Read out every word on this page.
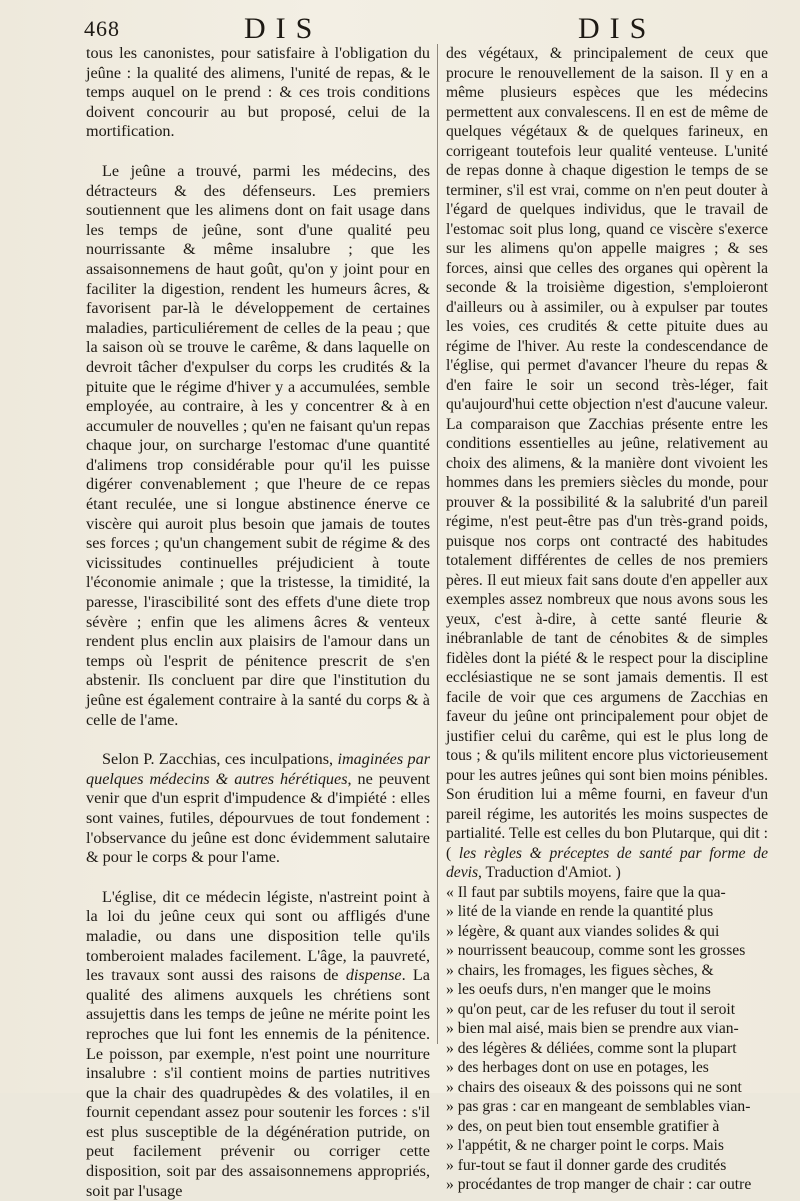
468	DIS	DIS

tous les canonistes, pour satisfaire à l'obligation du jeûne : la qualité des alimens, l'unité de repas, & le temps auquel on le prend : & ces trois conditions doivent concourir au but proposé, celui de la mortification.

Le jeûne a trouvé, parmi les médecins, des détracteurs & des défenseurs. Les premiers soutiennent que les alimens dont on fait usage dans les temps de jeûne, sont d'une qualité peu nourrissante & même insalubre ; que les assaisonnemens de haut goût, qu'on y joint pour en faciliter la digestion, rendent les humeurs âcres, & favorisent par-là le développement de certaines maladies, particuliérement de celles de la peau ; que la saison où se trouve le carême, & dans laquelle on devroit tâcher d'expulser du corps les crudités & la pituite que le régime d'hiver y a accumulées, semble employée, au contraire, à les y concentrer & à en accumuler de nouvelles ; qu'en ne faisant qu'un repas chaque jour, on surcharge l'estomac d'une quantité d'alimens trop considérable pour qu'il les puisse digérer convenablement ; que l'heure de ce repas étant reculée, une si longue abstinence énerve ce viscère qui auroit plus besoin que jamais de toutes ses forces ; qu'un changement subit de régime & des vicissitudes continuelles préjudicient à toute l'économie animale ; que la tristesse, la timidité, la paresse, l'irascibilité sont des effets d'une diete trop sévère ; enfin que les alimens âcres & venteux rendent plus enclin aux plaisirs de l'amour dans un temps où l'esprit de pénitence prescrit de s'en abstenir. Ils concluent par dire que l'institution du jeûne est également contraire à la santé du corps & à celle de l'ame.

Selon P. Zacchias, ces inculpations, imaginées par quelques médecins & autres hérétiques, ne peuvent venir que d'un esprit d'impudence & d'impiété : elles sont vaines, futiles, dépourvues de tout fondement : l'observance du jeûne est donc évidemment salutaire & pour le corps & pour l'ame.

L'église, dit ce médecin légiste, n'astreint point à la loi du jeûne ceux qui sont ou affligés d'une maladie, ou dans une disposition telle qu'ils tomberoient malades facilement. L'âge, la pauvreté, les travaux sont aussi des raisons de dispense. La qualité des alimens auxquels les chrétiens sont assujettis dans les temps de jeûne ne mérite point les reproches que lui font les ennemis de la pénitence. Le poisson, par exemple, n'est point une nourriture insalubre : s'il contient moins de parties nutritives que la chair des quadrupèdes & des volatiles, il en fournit cependant assez pour soutenir les forces : s'il est plus susceptible de la dégénération putride, on peut facilement prévenir ou corriger cette disposition, soit par des assaisonnemens appropriés, soit par l'usage

des végétaux, & principalement de ceux que procure le renouvellement de la saison. Il y en a même plusieurs espèces que les médecins permettent aux convalescens. Il en est de même de quelques végétaux & de quelques farineux, en corrigeant toutefois leur qualité venteuse. L'unité de repas donne à chaque digestion le temps de se terminer, s'il est vrai, comme on n'en peut douter à l'égard de quelques individus, que le travail de l'estomac soit plus long, quand ce viscère s'exerce sur les alimens qu'on appelle maigres ; & ses forces, ainsi que celles des organes qui opèrent la seconde & la troisième digestion, s'emploieront d'ailleurs ou à assimiler, ou à expulser par toutes les voies, ces crudités & cette pituite dues au régime de l'hiver. Au reste la condescendance de l'église, qui permet d'avancer l'heure du repas & d'en faire le soir un second très-léger, fait qu'aujourd'hui cette objection n'est d'aucune valeur. La comparaison que Zacchias présente entre les conditions essentielles au jeûne, relativement au choix des alimens, & la manière dont vivoient les hommes dans les premiers siècles du monde, pour prouver & la possibilité & la salubrité d'un pareil régime, n'est peut-être pas d'un très-grand poids, puisque nos corps ont contracté des habitudes totalement différentes de celles de nos premiers pères. Il eut mieux fait sans doute d'en appeller aux exemples assez nombreux que nous avons sous les yeux, c'est à-dire, à cette santé fleurie & inébranlable de tant de cénobites & de simples fidèles dont la piété & le respect pour la discipline ecclésiastique ne se sont jamais dementis. Il est facile de voir que ces argumens de Zacchias en faveur du jeûne ont principalement pour objet de justifier celui du carême, qui est le plus long de tous ; & qu'ils militent encore plus victorieusement pour les autres jeûnes qui sont bien moins pénibles. Son érudition lui a même fourni, en faveur d'un pareil régime, les autorités les moins suspectes de partialité. Telle est celles du bon Plutarque, qui dit : ( les règles & préceptes de santé par forme de devis, Traduction d'Amiot. )

« Il faut par subtils moyens, faire que la qua-
» lité de la viande en rende la quantité plus
» légère, & quant aux viandes solides & qui
» nourrissent beaucoup, comme sont les grosses
» chairs, les fromages, les figues sèches, &
» les oeufs durs, n'en manger que le moins
» qu'on peut, car de les refuser du tout il seroit
» bien mal aisé, mais bien se prendre aux vian-
» des légères & déliées, comme sont la plupart
» des herbages dont on use en potages, les
» chairs des oiseaux & des poissons qui ne sont
» pas gras : car en mangeant de semblables vian-
» des, on peut bien tout ensemble gratifier à
» l'appétit, & ne charger point le corps. Mais
» fur-tout se faut il donner garde des crudités
» procédantes de trop manger de chair : car outre
